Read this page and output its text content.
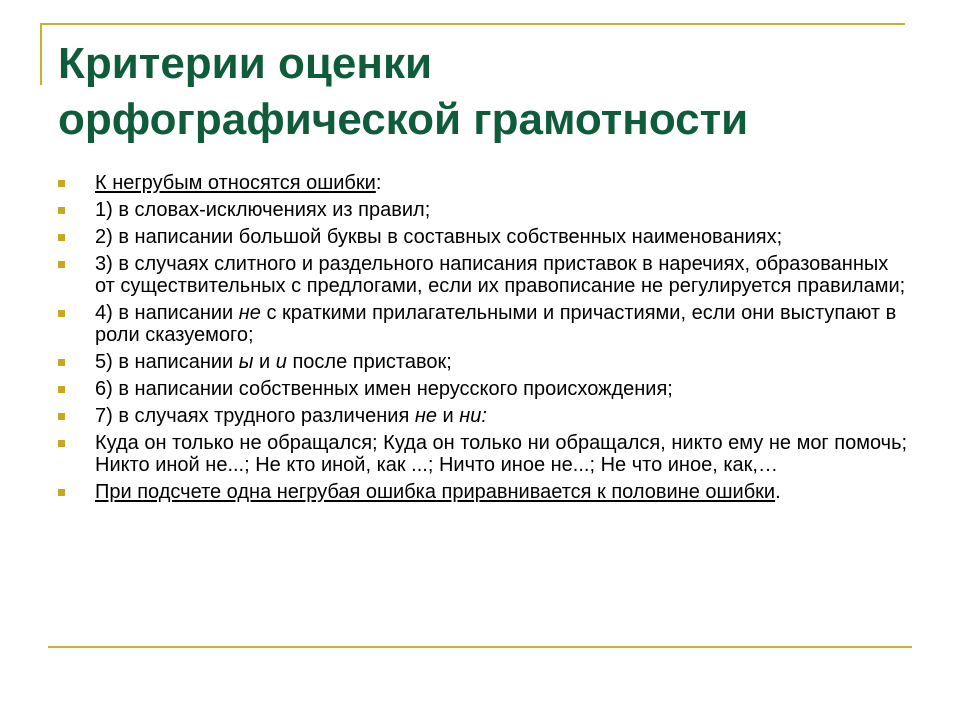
Критерии оценки
орфографической грамотности
К негрубым относятся ошибки:
1) в словах-исключениях из правил;
2) в написании большой буквы в составных собственных наименованиях;
3) в случаях слитного и раздельного написания приставок в наречиях, образованных от существительных с предлогами, если их правописание не регулируется правилами;
4) в написании не с краткими прилагательными и причастиями, если они выступают в роли сказуемого;
5) в написании ы и и после приставок;
6) в написании собственных имен нерусского происхождения;
7) в случаях трудного различения не и ни:
Куда он только не обращался; Куда он только ни обращался, никто ему не мог помочь; Никто иной не...; Не кто иной, как ...; Ничто иное не...; Не что иное, как,…
При подсчете одна негрубая ошибка приравнивается к половине ошибки.
